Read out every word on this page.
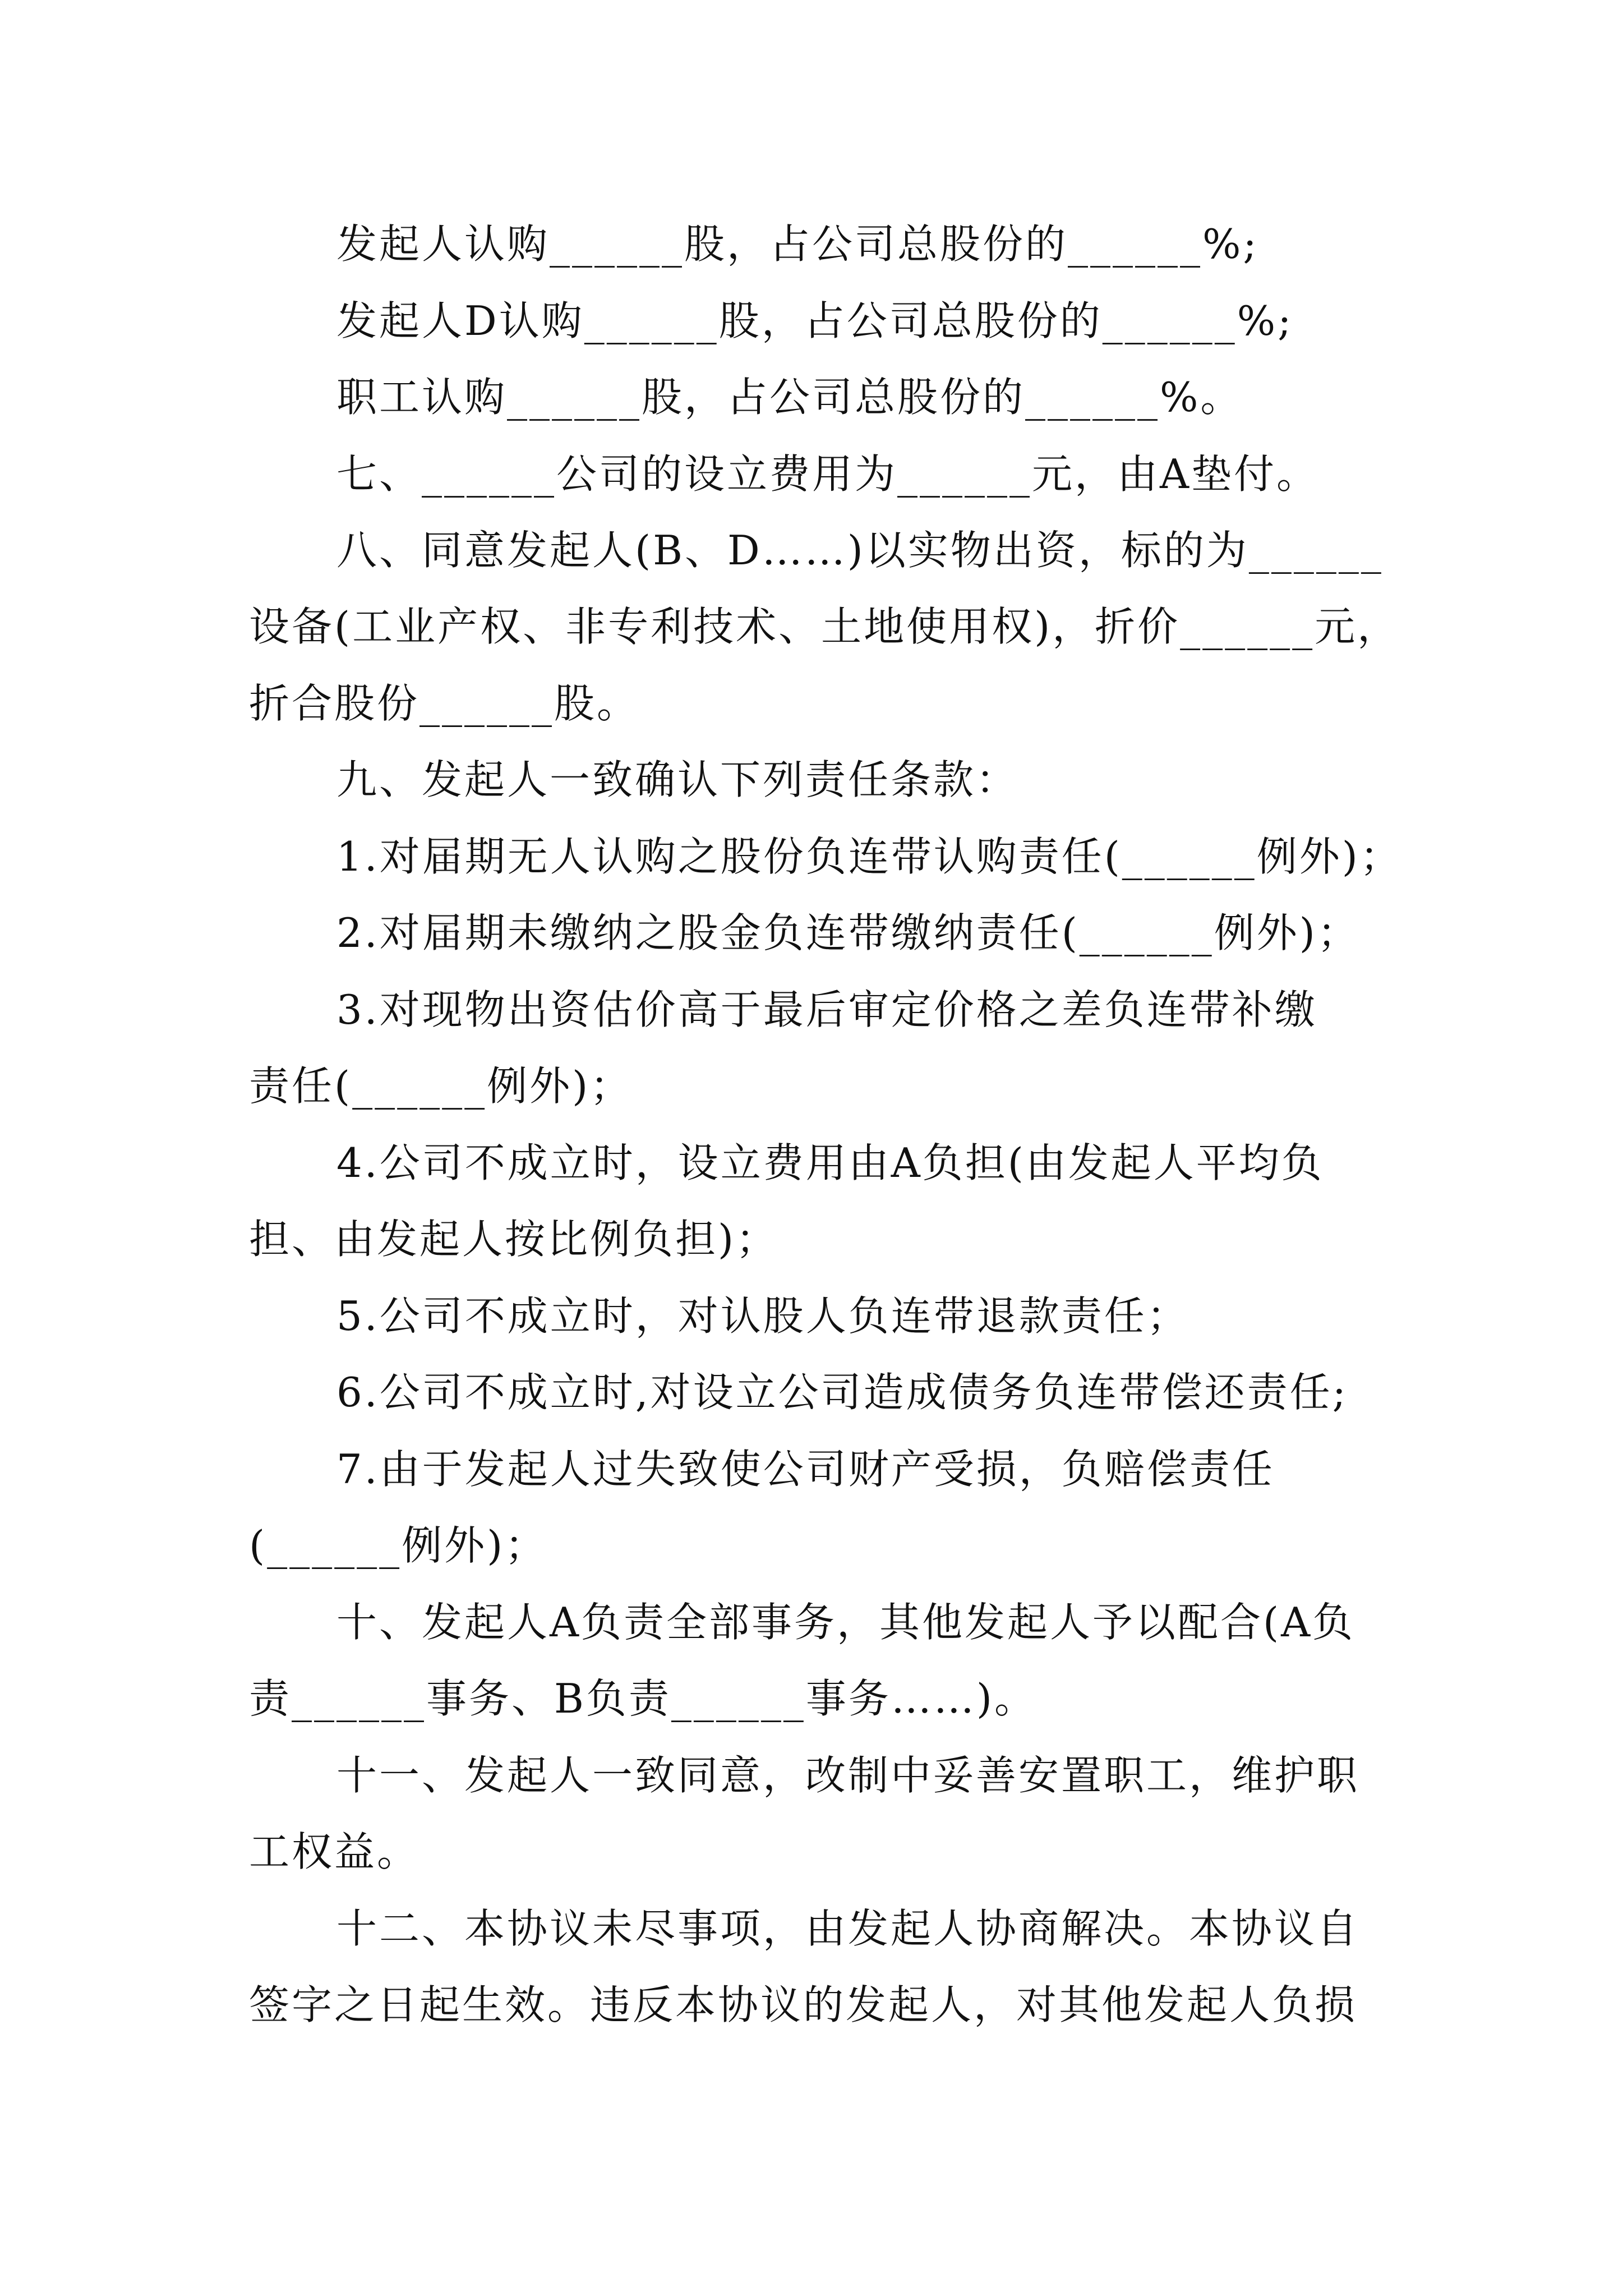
发起人认购______股，占公司总股份的______%;

发起人D认购______股，占公司总股份的______%;

职工认购______股，占公司总股份的______%。

七、______公司的设立费用为______元，由A垫付。

八、同意发起人(B、D……)以实物出资，标的为______

设备(工业产权、非专利技术、土地使用权)，折价______元，

折合股份______股。

九、发起人一致确认下列责任条款：

1.对届期无人认购之股份负连带认购责任(______例外)；

2.对届期未缴纳之股金负连带缴纳责任(______例外)；

3.对现物出资估价高于最后审定价格之差负连带补缴

责任(______例外)；

4.公司不成立时，设立费用由A负担(由发起人平均负

担、由发起人按比例负担)；

5.公司不成立时，对认股人负连带退款责任；

6.公司不成立时,对设立公司造成债务负连带偿还责任;

7.由于发起人过失致使公司财产受损，负赔偿责任

(______例外)；

十、发起人A负责全部事务，其他发起人予以配合(A负

责______事务、B负责______事务……)。

十一、发起人一致同意，改制中妥善安置职工，维护职

工权益。

十二、本协议未尽事项，由发起人协商解决。本协议自

签字之日起生效。违反本协议的发起人，对其他发起人负损
